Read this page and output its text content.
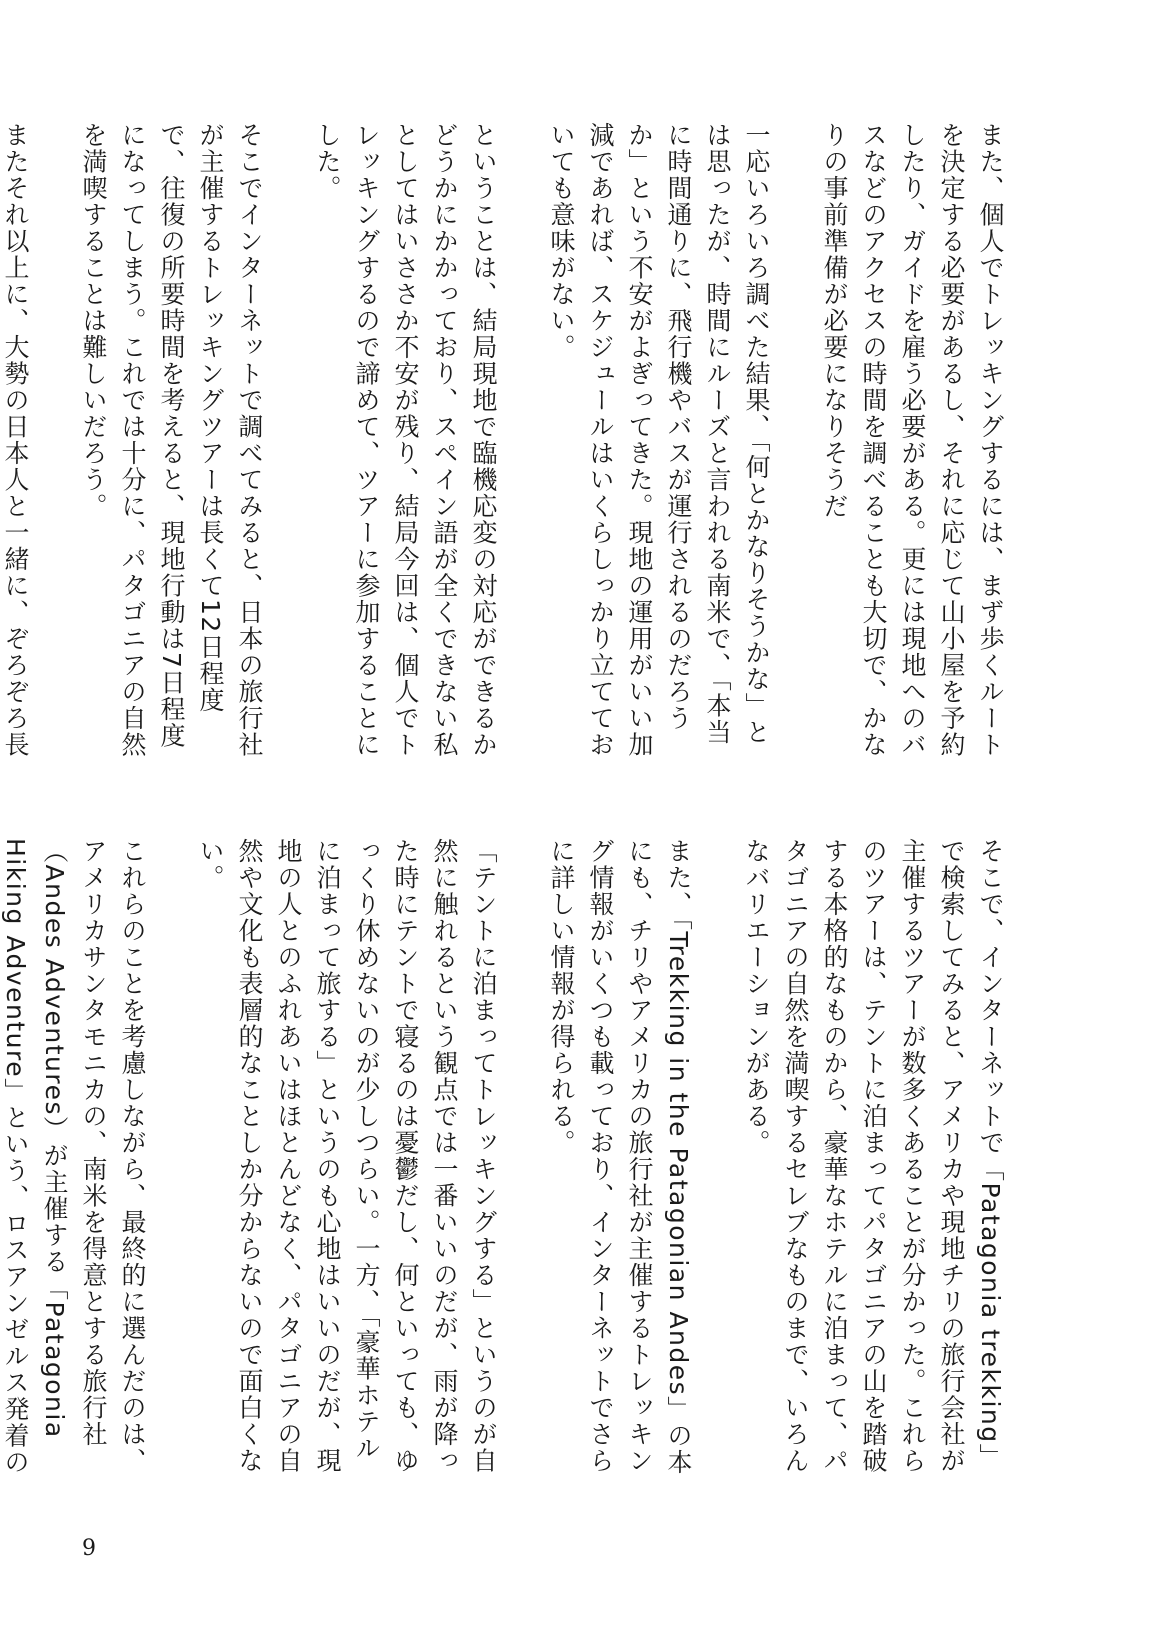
また、個人でトレッキングするには、まず歩くルートを決定する必要があるし、それに応じて山小屋を予約したり、ガイドを雇う必要がある。更には現地へのバスなどのアクセスの時間を調べることも大切で、かなりの事前準備が必要になりそうだ

一応いろいろ調べた結果、「何とかなりそうかな」とは思ったが、時間にルーズと言われる南米で、「本当に時間通りに、飛行機やバスが運行されるのだろうか」という不安がよぎってきた。現地の運用がいい加減であれば、スケジュールはいくらしっかり立てておいても意味がない。

ということは、結局現地で臨機応変の対応ができるかどうかにかかっており、スペイン語が全くできない私としてはいささか不安が残り、結局今回は、個人でトレッキングするので諦めて、ツアーに参加することにした。

そこでインターネットで調べてみると、日本の旅行社が主催するトレッキングツアーは長くて12日程度で、往復の所要時間を考えると、現地行動は7日程度になってしまう。これでは十分に、パタゴニアの自然を満喫することは難しいだろう。

またそれ以上に、大勢の日本人と一緒に、ぞろぞろ長

そこで、インターネットで「Patagonia trekking」で検索してみると、アメリカや現地チリの旅行会社が主催するツアーが数多くあることが分かった。これらのツアーは、テントに泊まってパタゴニアの山を踏破する本格的なものから、豪華なホテルに泊まって、パタゴニアの自然を満喫するセレブなものまで、いろんなバリエーションがある。

また、「Trekking in the Patagonian Andes」の本にも、チリやアメリカの旅行社が主催するトレッキング情報がいくつも載っており、インターネットでさらに詳しい情報が得られる。

「テントに泊まってトレッキングする」というのが自然に触れるという観点では一番いいのだが、雨が降った時にテントで寝るのは憂鬱だし、何といっても、ゆっくり休めないのが少しつらい。一方、「豪華ホテルに泊まって旅する」というのも心地はいいのだが、現地の人とのふれあいはほとんどなく、パタゴニアの自然や文化も表層的なことしか分からないので面白くない。

これらのことを考慮しながら、最終的に選んだのは、アメリカサンタモニカの、南米を得意とする旅行社（Andes Adventures）が主催する「Patagonia Hiking Adventure」という、ロスアンゼルス発着の

9
